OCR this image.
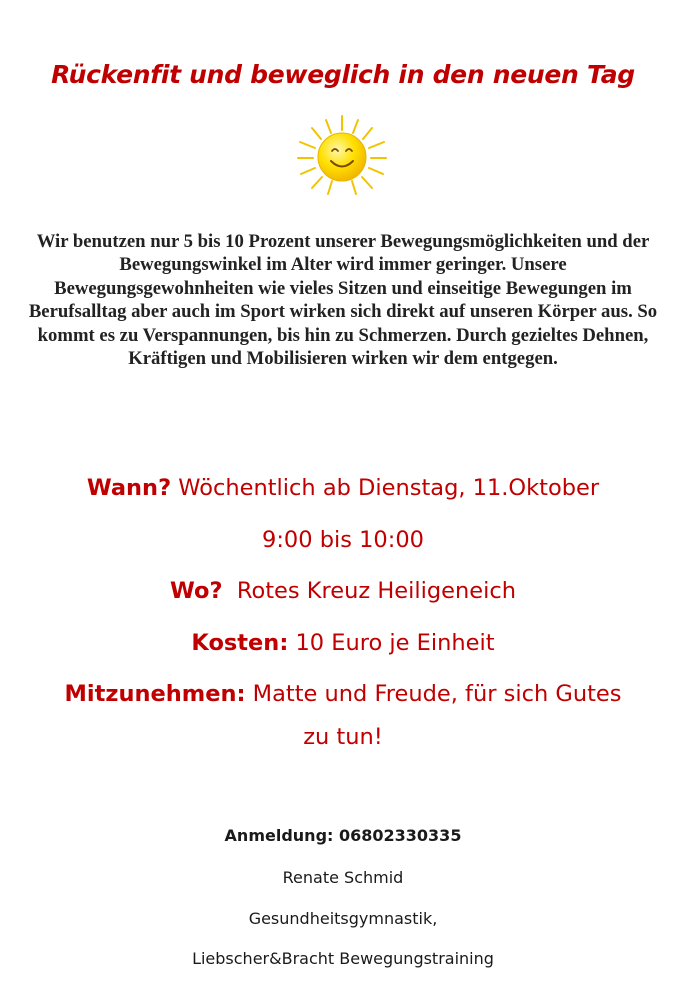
Rückenfit und beweglich in den neuen Tag
Wir benutzen nur 5 bis 10 Prozent unserer Bewegungsmöglichkeiten und der Bewegungswinkel im Alter wird immer geringer. Unsere Bewegungsgewohnheiten wie vieles Sitzen und einseitige Bewegungen im Berufsalltag aber auch im Sport wirken sich direkt auf unseren Körper aus. So kommt es zu Verspannungen, bis hin zu Schmerzen. Durch gezieltes Dehnen, Kräftigen und Mobilisieren wirken wir dem entgegen.
Wann? Wöchentlich ab Dienstag, 11.Oktober
9:00 bis 10:00
Wo? Rotes Kreuz Heiligeneich
Kosten: 10 Euro je Einheit
Mitzunehmen: Matte und Freude, für sich Gutes
zu tun!
Anmeldung: 06802330335
Renate Schmid
Gesundheitsgymnastik,
Liebscher&Bracht Bewegungstraining
